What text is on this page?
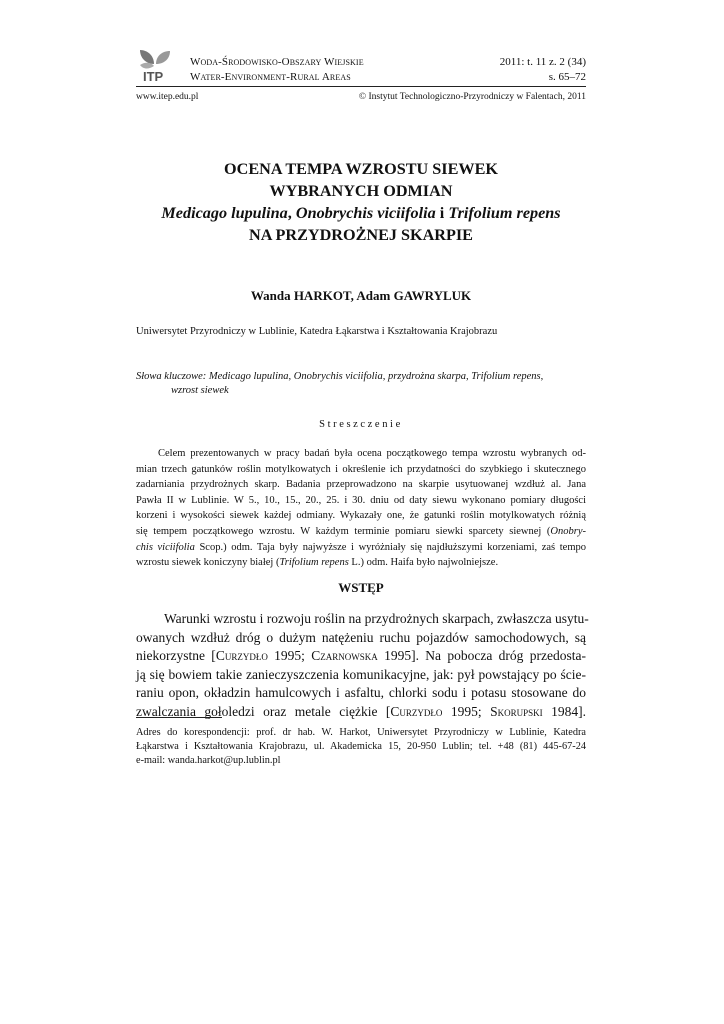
ITP
Woda-Środowisko-Obszary Wiejskie
Water-Environment-Rural Areas
2011: t. 11 z. 2 (34)
s. 65–72
www.itep.edu.pl	© Instytut Technologiczno-Przyrodniczy w Falentach, 2011
OCENA TEMPA WZROSTU SIEWEK
WYBRANYCH ODMIAN
Medicago lupulina, Onobrychis viciifolia i Trifolium repens
NA PRZYDROŻNEJ SKARPIE
Wanda HARKOT, Adam GAWRYLUK
Uniwersytet Przyrodniczy w Lublinie, Katedra Łąkarstwa i Kształtowania Krajobrazu
Słowa kluczowe: Medicago lupulina, Onobrychis viciifolia, przydrożna skarpa, Trifolium repens,
wzrost siewek
Streszczenie
Celem prezentowanych w pracy badań była ocena początkowego tempa wzrostu wybranych od-
mian trzech gatunków roślin motylkowatych i określenie ich przydatności do szybkiego i skutecznego
zadarniania przydrożnych skarp. Badania przeprowadzono na skarpie usytuowanej wzdłuż al. Jana
Pawła II w Lublinie. W 5., 10., 15., 20., 25. i 30. dniu od daty siewu wykonano pomiary długości
korzeni i wysokości siewek każdej odmiany. Wykazały one, że gatunki roślin motylkowatych różnią
się tempem początkowego wzrostu. W każdym terminie pomiaru siewki sparcety siewnej (Onobry-
chis viciifolia Scop.) odm. Taja były najwyższe i wyróżniały się najdłuższymi korzeniami, zaś tempo
wzrostu siewek koniczyny białej (Trifolium repens L.) odm. Haifa było najwolniejsze.
WSTĘP
Warunki wzrostu i rozwoju roślin na przydrożnych skarpach, zwłaszcza usytu-
owanych wzdłuż dróg o dużym natężeniu ruchu pojazdów samochodowych, są
niekorzystne [Curzydło 1995; Czarnowska 1995]. Na pobocza dróg przedosta-
ją się bowiem takie zanieczyszczenia komunikacyjne, jak: pył powstający po ście-
raniu opon, okładzin hamulcowych i asfaltu, chlorki sodu i potasu stosowane do
zwalczania gołoledzi oraz metale ciężkie [Curzydło 1995; Skorupski 1984].
Adres do korespondencji: prof. dr hab. W. Harkot, Uniwersytet Przyrodniczy w Lublinie, Katedra
Łąkarstwa i Kształtowania Krajobrazu, ul. Akademicka 15, 20-950 Lublin; tel. +48 (81) 445-67-24
e-mail: wanda.harkot@up.lublin.pl
